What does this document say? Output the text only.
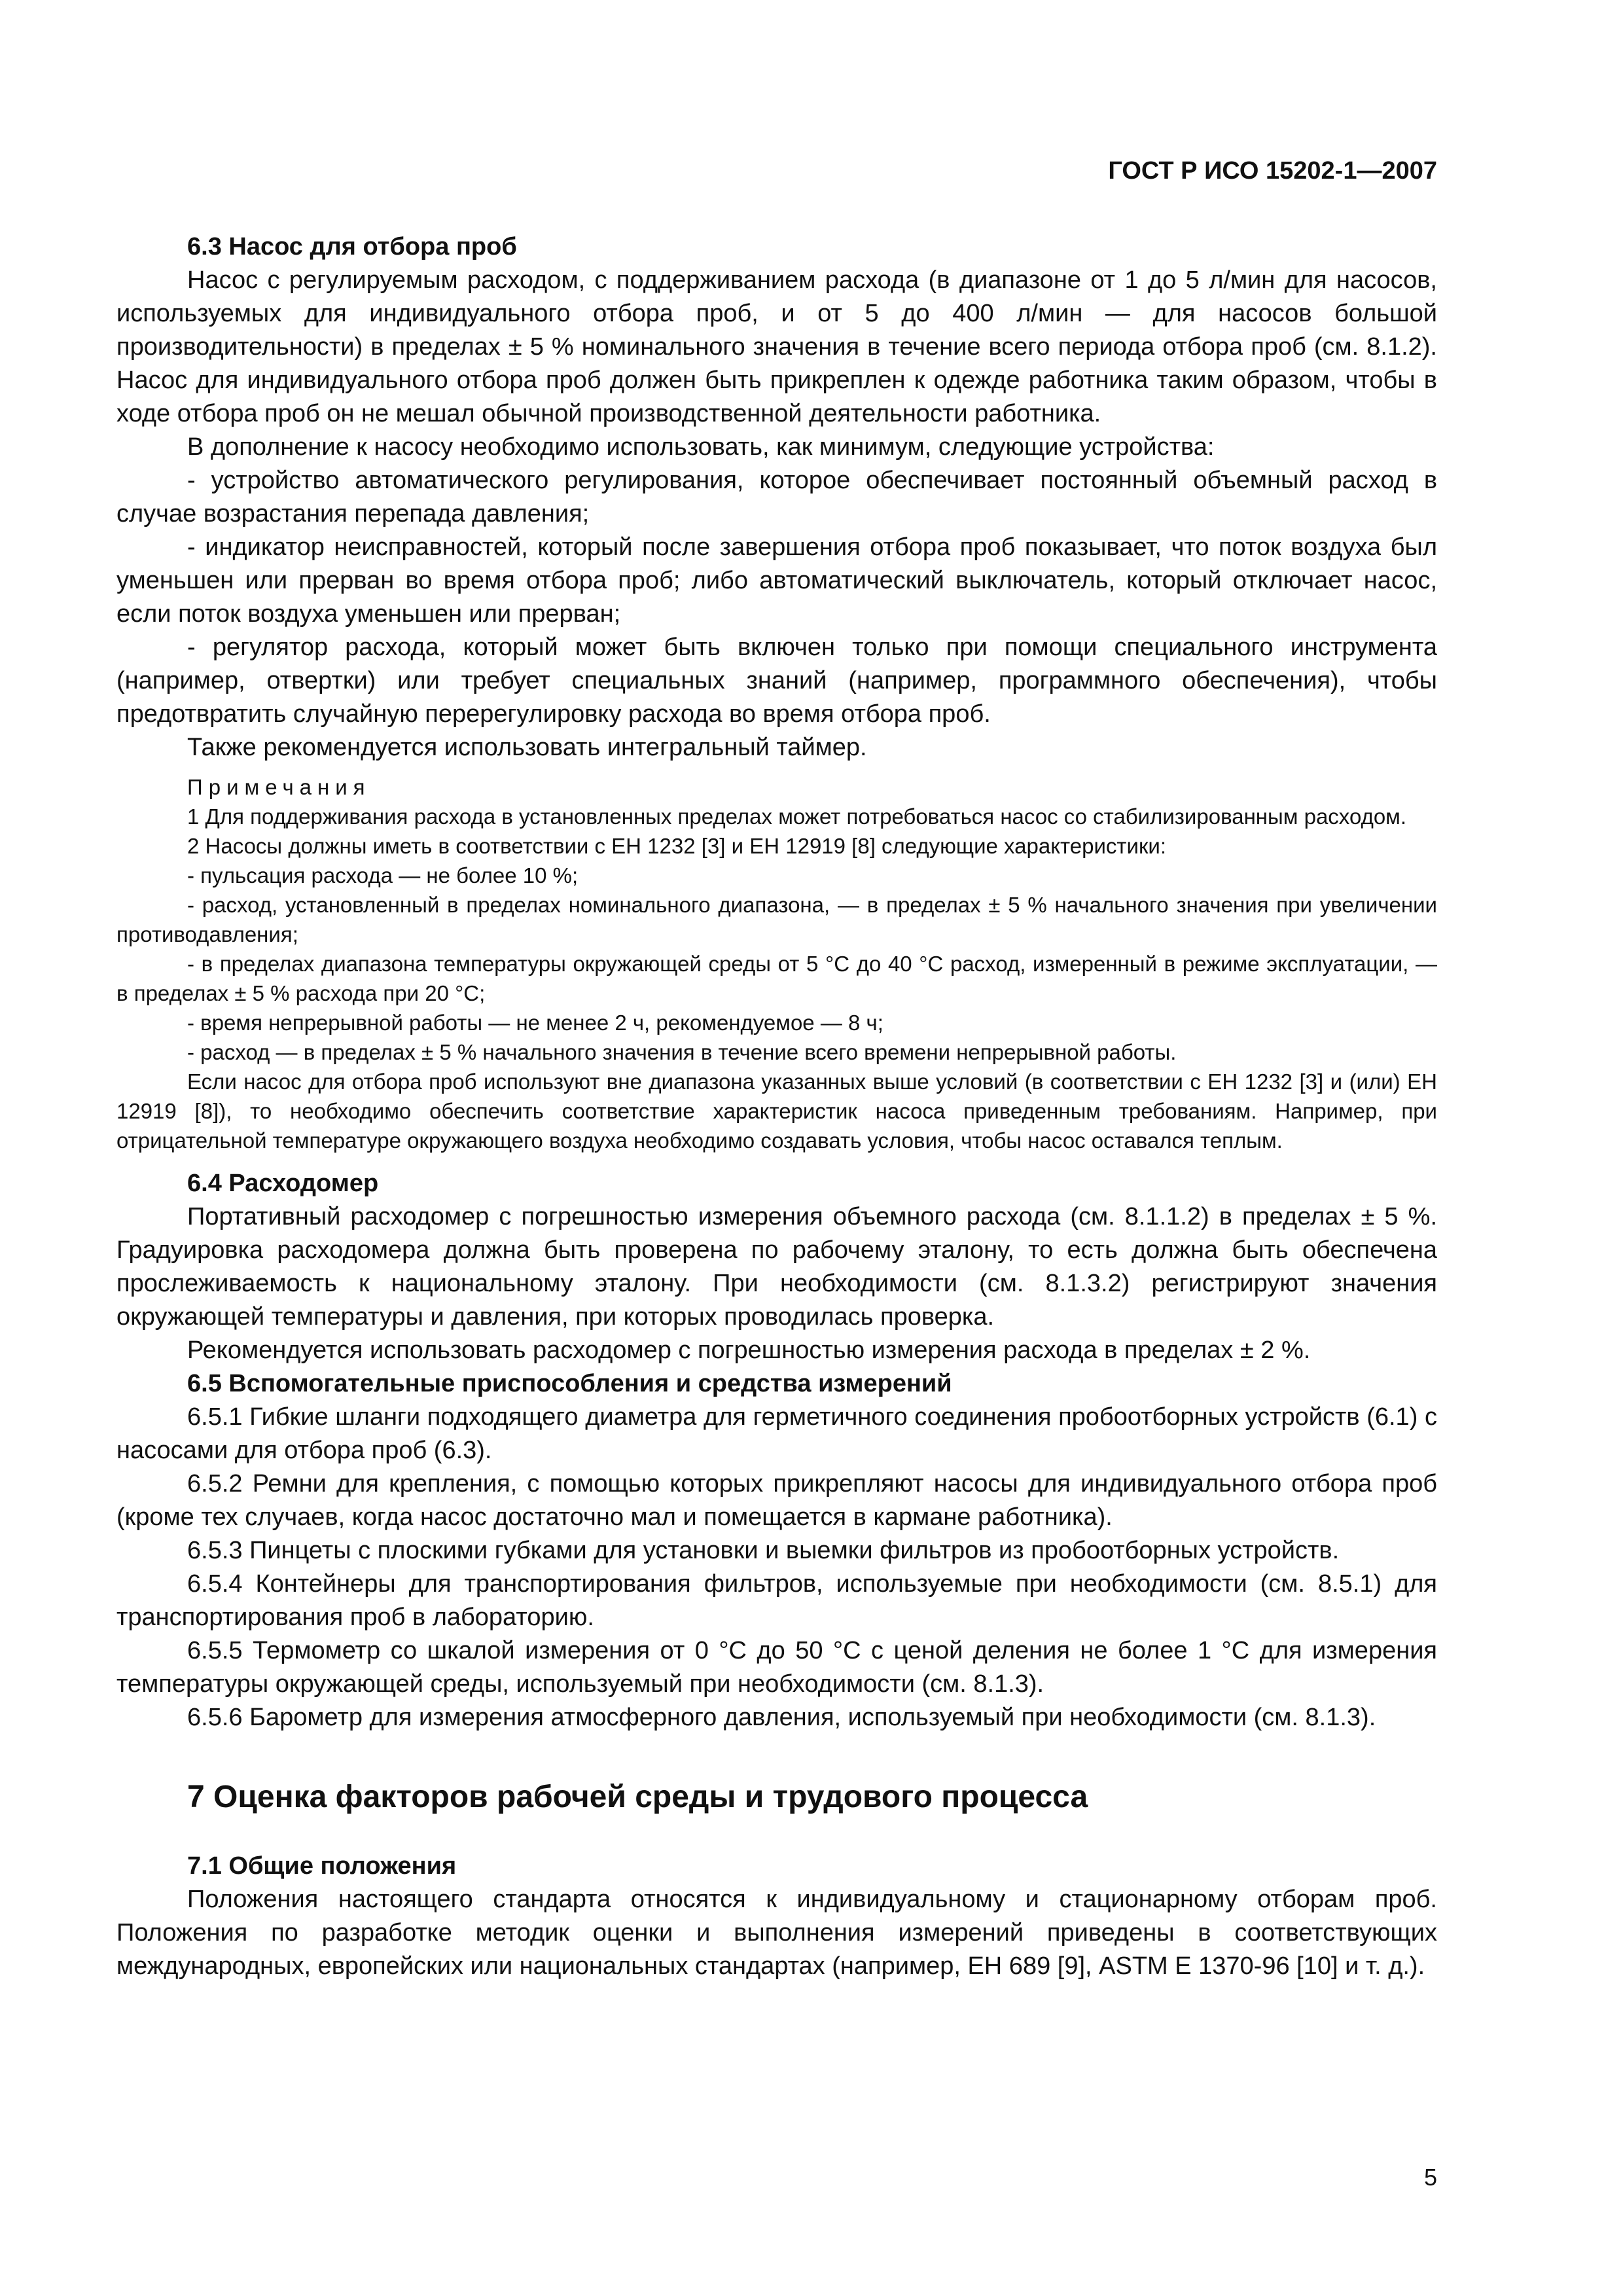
ГОСТ Р ИСО 15202-1—2007

6.3 Насос для отбора проб

Насос с регулируемым расходом, с поддерживанием расхода (в диапазоне от 1 до 5 л/мин для насосов, используемых для индивидуального отбора проб, и от 5 до 400 л/мин — для насосов большой производительности) в пределах ± 5 % номинального значения в течение всего периода отбора проб (см. 8.1.2). Насос для индивидуального отбора проб должен быть прикреплен к одежде работника таким образом, чтобы в ходе отбора проб он не мешал обычной производственной деятельности работника.

В дополнение к насосу необходимо использовать, как минимум, следующие устройства:

- устройство автоматического регулирования, которое обеспечивает постоянный объемный расход в случае возрастания перепада давления;

- индикатор неисправностей, который после завершения отбора проб показывает, что поток воздуха был уменьшен или прерван во время отбора проб; либо автоматический выключатель, который отключает насос, если поток воздуха уменьшен или прерван;

- регулятор расхода, который может быть включен только при помощи специального инструмента (например, отвертки) или требует специальных знаний (например, программного обеспечения), чтобы предотвратить случайную перерегулировку расхода во время отбора проб.

Также рекомендуется использовать интегральный таймер.

Примечания

1 Для поддерживания расхода в установленных пределах может потребоваться насос со стабилизированным расходом.

2 Насосы должны иметь в соответствии с ЕН 1232 [3] и ЕН 12919 [8] следующие характеристики:

- пульсация расхода — не более 10 %;

- расход, установленный в пределах номинального диапазона, — в пределах ± 5 % начального значения при увеличении противодавления;

- в пределах диапазона температуры окружающей среды от 5 °С до 40 °С расход, измеренный в режиме эксплуатации, — в пределах ± 5 % расхода при 20 °С;

- время непрерывной работы — не менее 2 ч, рекомендуемое — 8 ч;

- расход — в пределах ± 5 % начального значения в течение всего времени непрерывной работы.

Если насос для отбора проб используют вне диапазона указанных выше условий (в соответствии с ЕН 1232 [3] и (или) ЕН 12919 [8]), то необходимо обеспечить соответствие характеристик насоса приведенным требованиям. Например, при отрицательной температуре окружающего воздуха необходимо создавать условия, чтобы насос оставался теплым.

6.4 Расходомер

Портативный расходомер с погрешностью измерения объемного расхода (см. 8.1.1.2) в пределах ± 5 %. Градуировка расходомера должна быть проверена по рабочему эталону, то есть должна быть обеспечена прослеживаемость к национальному эталону. При необходимости (см. 8.1.3.2) регистрируют значения окружающей температуры и давления, при которых проводилась проверка.

Рекомендуется использовать расходомер с погрешностью измерения расхода в пределах ± 2 %.

6.5 Вспомогательные приспособления и средства измерений

6.5.1 Гибкие шланги подходящего диаметра для герметичного соединения пробоотборных устройств (6.1) с насосами для отбора проб (6.3).

6.5.2 Ремни для крепления, с помощью которых прикрепляют насосы для индивидуального отбора проб (кроме тех случаев, когда насос достаточно мал и помещается в кармане работника).

6.5.3 Пинцеты с плоскими губками для установки и выемки фильтров из пробоотборных устройств.

6.5.4 Контейнеры для транспортирования фильтров, используемые при необходимости (см. 8.5.1) для транспортирования проб в лабораторию.

6.5.5 Термометр со шкалой измерения от 0 °С до 50 °С с ценой деления не более 1 °С для измерения температуры окружающей среды, используемый при необходимости (см. 8.1.3).

6.5.6 Барометр для измерения атмосферного давления, используемый при необходимости (см. 8.1.3).

7 Оценка факторов рабочей среды и трудового процесса

7.1 Общие положения

Положения настоящего стандарта относятся к индивидуальному и стационарному отборам проб. Положения по разработке методик оценки и выполнения измерений приведены в соответствующих международных, европейских или национальных стандартах (например, ЕН 689 [9], ASTM E 1370-96 [10] и т. д.).

5
